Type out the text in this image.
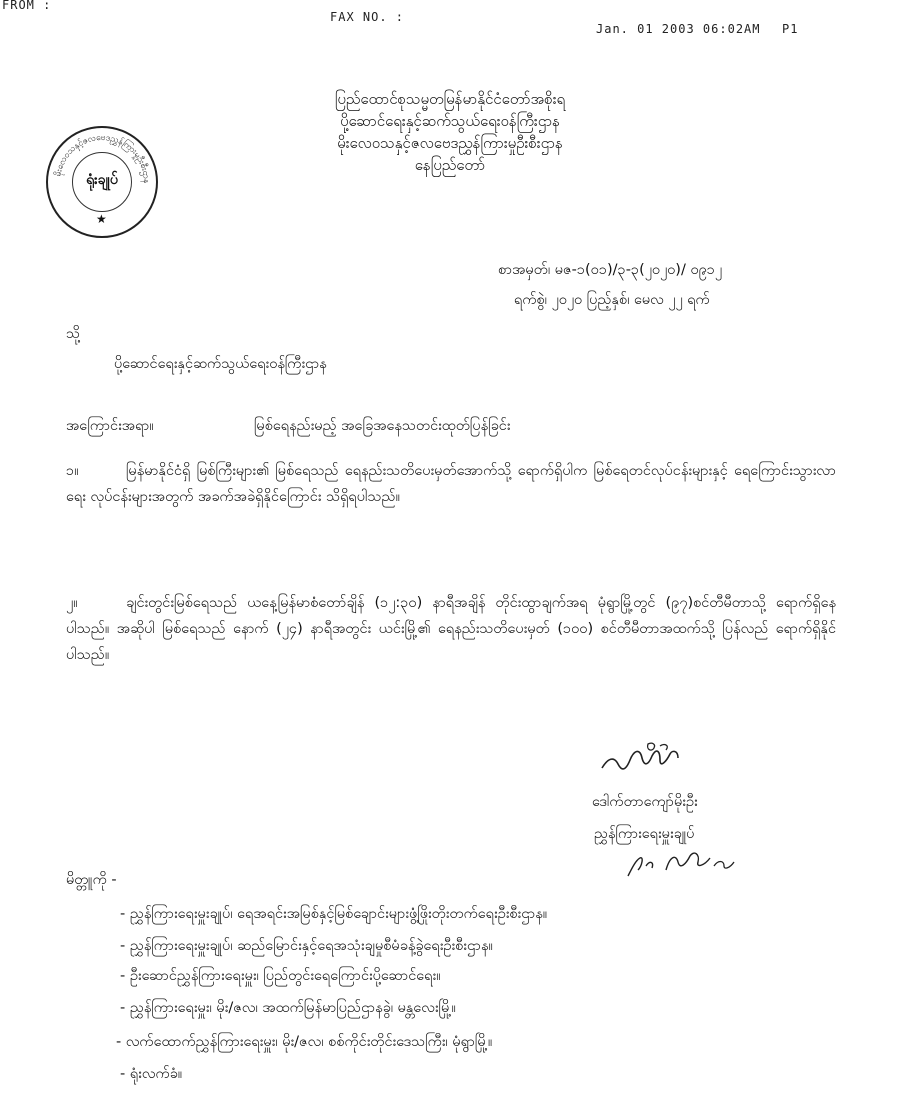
FROM :
FAX NO. :
Jan. 01 2003 06:02AM P1
မိုးလေဝသနှင့်ဇလဗေဒညွှန်ကြားမှုဦးစီးဌာန
ရုံးချုပ်
★
ပြည်ထောင်စုသမ္မတမြန်မာနိုင်ငံတော်အစိုးရ
ပို့ဆောင်ရေးနှင့်ဆက်သွယ်ရေးဝန်ကြီးဌာန
မိုးလေဝသနှင့်ဇလဗေဒညွှန်ကြားမှုဦးစီးဌာန
နေပြည်တော်
စာအမှတ်၊ မဇ-၁(၀၁)/၃-၃(၂၀၂၀)/ ၀၉၁၂
ရက်စွဲ၊ ၂၀၂၀ ပြည့်နှစ်၊ မေလ ၂၂ ရက်
သို့
ပို့ဆောင်ရေးနှင့်ဆက်သွယ်ရေးဝန်ကြီးဌာန
အကြောင်းအရာ။	မြစ်ရေနည်းမည့် အခြေအနေသတင်းထုတ်ပြန်ခြင်း
၁။	မြန်မာနိုင်ငံရှိ မြစ်ကြီးများ၏ မြစ်ရေသည် ရေနည်းသတိပေးမှတ်အောက်သို့ ရောက်ရှိပါက မြစ်ရေတင်လုပ်ငန်းများနှင့် ရေကြောင်းသွားလာရေး လုပ်ငန်းများအတွက် အခက်အခဲရှိနိုင်ကြောင်း သိရှိရပါသည်။
၂။	ချင်းတွင်းမြစ်ရေသည် ယနေ့မြန်မာစံတော်ချိန် (၁၂:၃၀) နာရီအချိန် တိုင်းထွာချက်အရ မုံရွာမြို့တွင် (၉၇)စင်တီမီတာသို့ ရောက်ရှိနေပါသည်။ အဆိုပါ မြစ်ရေသည် နောက် (၂၄) နာရီအတွင်း ယင်းမြို့၏ ရေနည်းသတိပေးမှတ် (၁၀၀) စင်တီမီတာအထက်သို့ ပြန်လည် ရောက်ရှိနိုင်ပါသည်။
ဒေါက်တာကျော်မိုးဦး
ညွှန်ကြားရေးမှူးချုပ်
မိတ္တူကို -
- ညွှန်ကြားရေးမှူးချုပ်၊ ရေအရင်းအမြစ်နှင့်မြစ်ချောင်းများဖွံ့ဖြိုးတိုးတက်ရေးဦးစီးဌာန။
- ညွှန်ကြားရေးမှူးချုပ်၊ ဆည်မြောင်းနှင့်ရေအသုံးချမှုစီမံခန့်ခွဲရေးဦးစီးဌာန။
- ဦးဆောင်ညွှန်ကြားရေးမှူး၊ ပြည်တွင်းရေကြောင်းပို့ဆောင်ရေး။
- ညွှန်ကြားရေးမှူး၊ မိုး/ဇလ၊ အထက်မြန်မာပြည်ဌာနခွဲ၊ မန္တလေးမြို့။
- လက်ထောက်ညွှန်ကြားရေးမှူး၊ မိုး/ဇလ၊ စစ်ကိုင်းတိုင်းဒေသကြီး၊ မုံရွာမြို့။
- ရုံးလက်ခံ။
